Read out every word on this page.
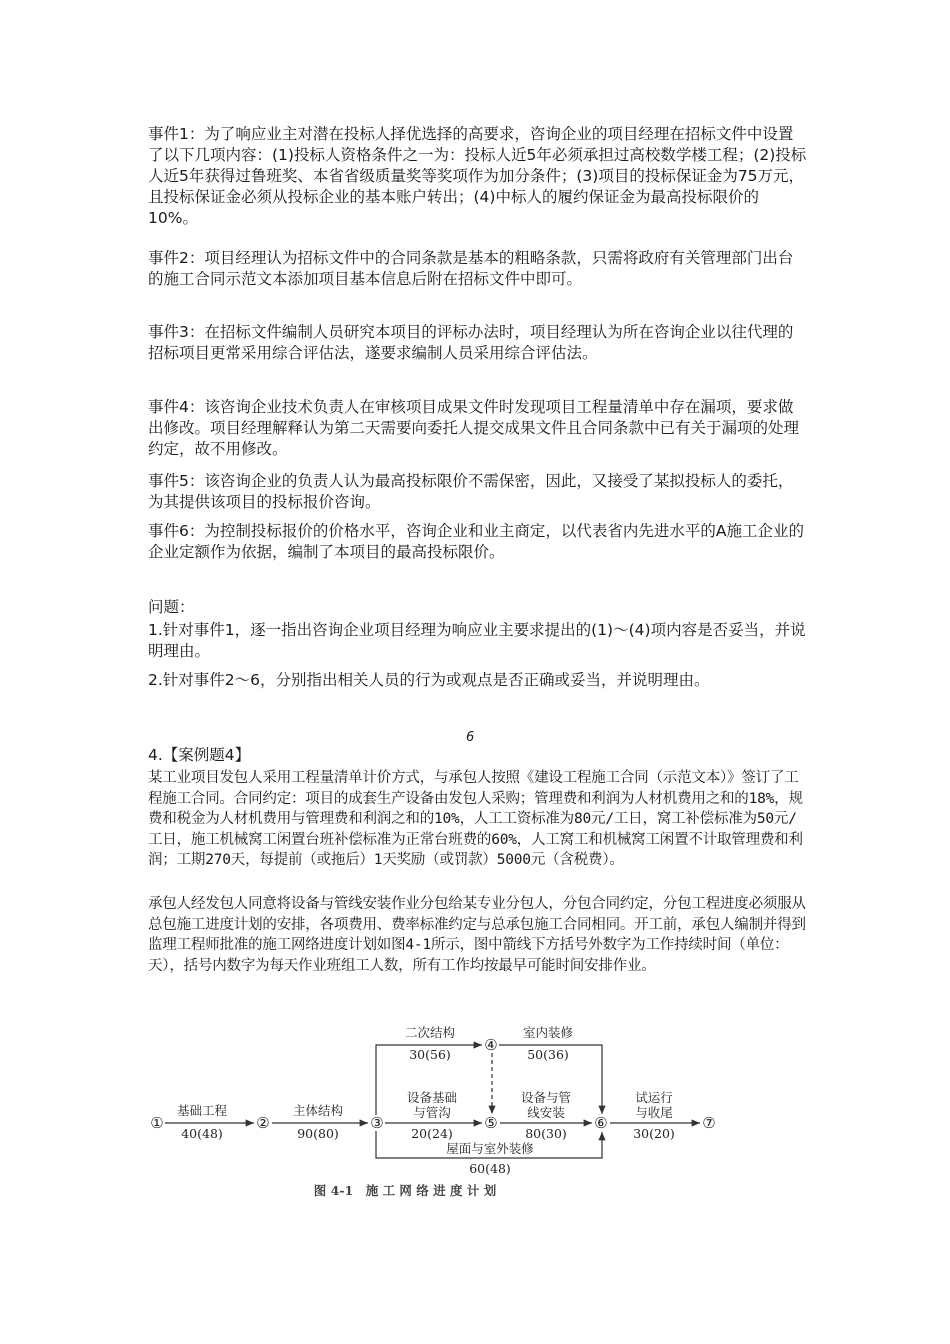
事件1：为了响应业主对潜在投标人择优选择的高要求，咨询企业的项目经理在招标文件中设置了以下几项内容：(1)投标人资格条件之一为：投标人近5年必须承担过高校数学楼工程；(2)投标人近5年获得过鲁班奖、本省省级质量奖等奖项作为加分条件；(3)项目的投标保证金为75万元，且投标保证金必须从投标企业的基本账户转出；(4)中标人的履约保证金为最高投标限价的10%。

事件2：项目经理认为招标文件中的合同条款是基本的粗略条款，只需将政府有关管理部门出台的施工合同示范文本添加项目基本信息后附在招标文件中即可。

事件3：在招标文件编制人员研究本项目的评标办法时，项目经理认为所在咨询企业以往代理的招标项目更常采用综合评估法，遂要求编制人员采用综合评估法。

事件4：该咨询企业技术负责人在审核项目成果文件时发现项目工程量清单中存在漏项，要求做出修改。项目经理解释认为第二天需要向委托人提交成果文件且合同条款中已有关于漏项的处理约定，故不用修改。

事件5：该咨询企业的负责人认为最高投标限价不需保密，因此，又接受了某拟投标人的委托，为其提供该项目的投标报价咨询。

事件6：为控制投标报价的价格水平，咨询企业和业主商定，以代表省内先进水平的A施工企业的企业定额作为依据，编制了本项目的最高投标限价。

问题：

1.针对事件1，逐一指出咨询企业项目经理为响应业主要求提出的(1)～(4)项内容是否妥当，并说明理由。

2.针对事件2～6，分别指出相关人员的行为或观点是否正确或妥当，并说明理由。

6
4.【案例题4】

某工业项目发包人采用工程量清单计价方式，与承包人按照《建设工程施工合同（示范文本）》签订了工程施工合同。合同约定：项目的成套生产设备由发包人采购；管理费和利润为人材机费用之和的18%，规费和税金为人材机费用与管理费和利润之和的10%，人工工资标准为80元/工日，窝工补偿标准为50元/工日，施工机械窝工闲置台班补偿标准为正常台班费的60%，人工窝工和机械窝工闲置不计取管理费和利润；工期270天，每提前（或拖后）1天奖励（或罚款）5000元（含税费）。

承包人经发包人同意将设备与管线安装作业分包给某专业分包人，分包合同约定，分包工程进度必须服从总包施工进度计划的安排，各项费用、费率标准约定与总承包施工合同相同。开工前，承包人编制并得到监理工程师批准的施工网络进度计划如图4-1所示，图中箭线下方括号外数字为工作持续时间（单位：天），括号内数字为每天作业班组工人数，所有工作均按最早可能时间安排作业。

①	②	③
④
⑤	⑥	⑦
基础工程
40(48)
主体结构
90(80)
二次结构
30(56)
室内装修
50(36)
设备基础
与管沟
20(24)
设备与管
线安装
80(30)
试运行
与收尾
30(20)
屋面与室外装修
60(48)
图 4-1　施 工 网 络 进 度 计 划
